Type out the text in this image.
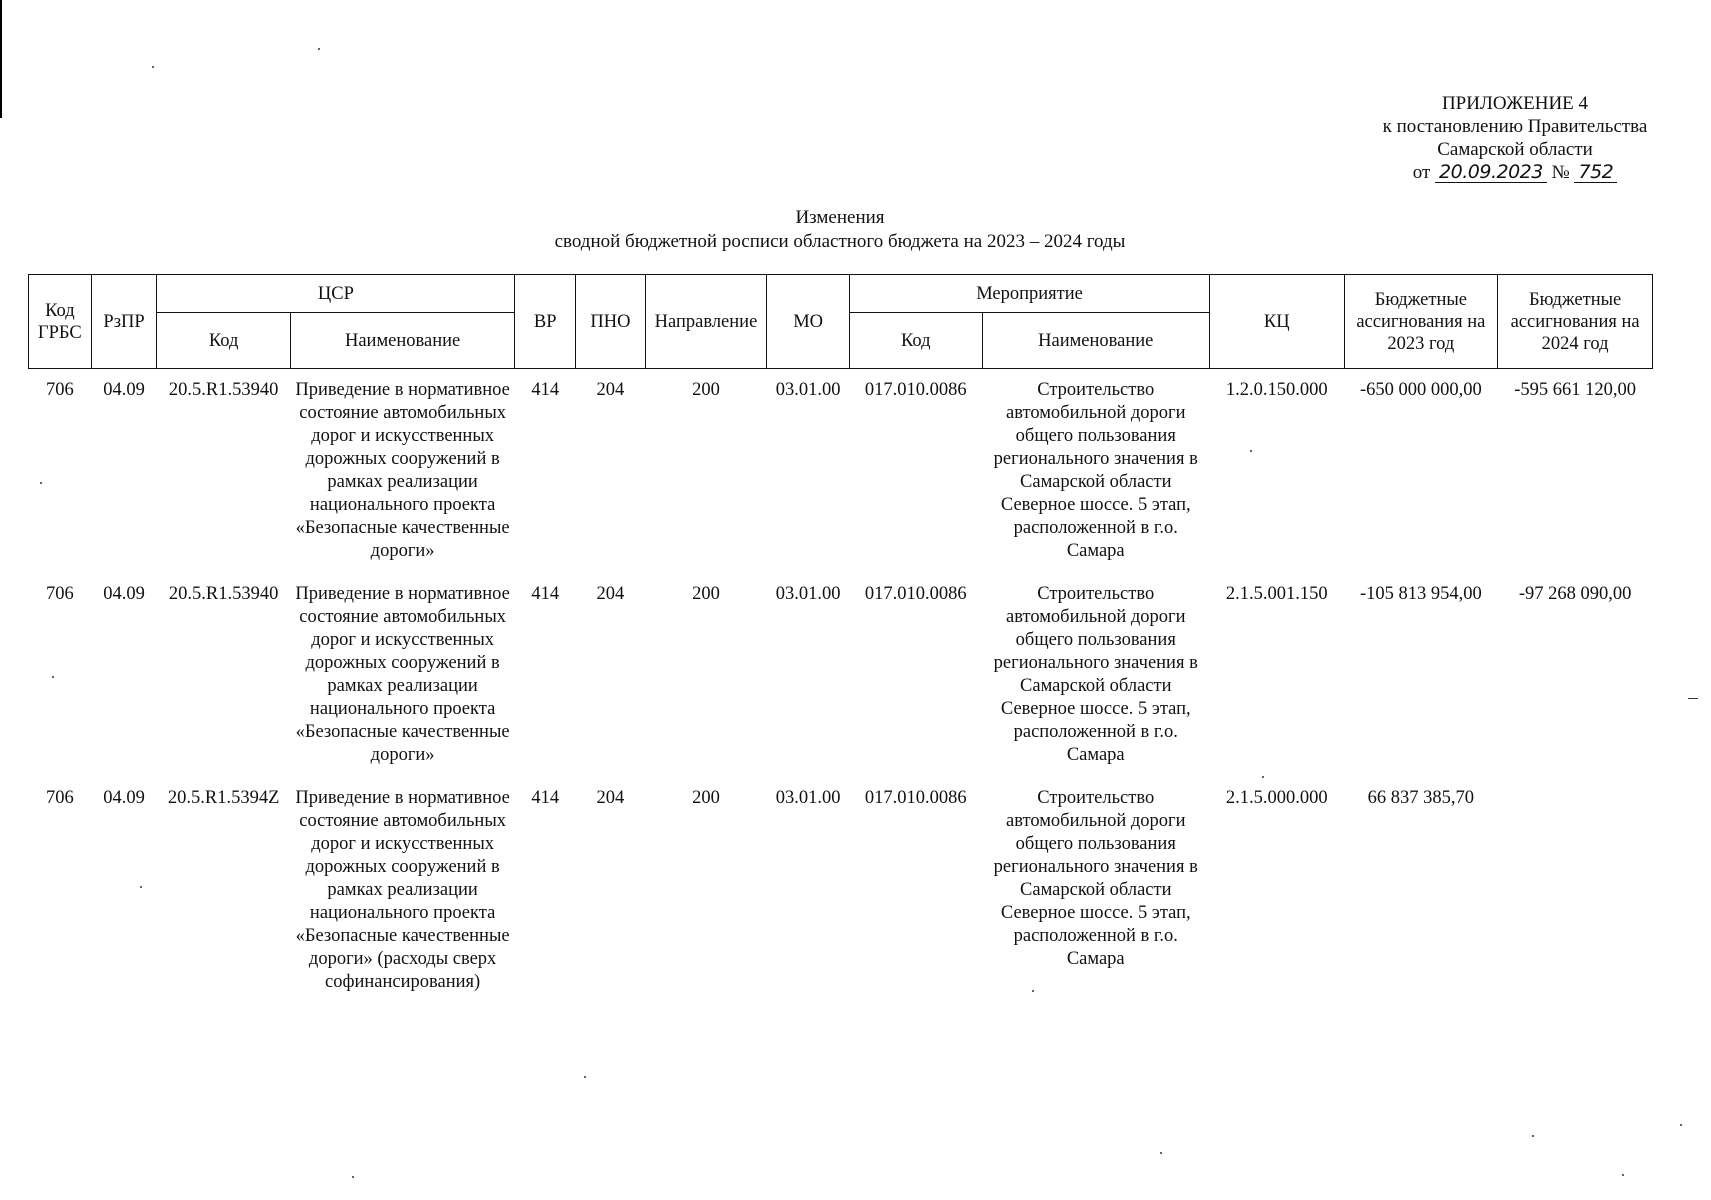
ПРИЛОЖЕНИЕ 4
к постановлению Правительства
Самарской области
от 20.09.2023 № 752
Изменения
сводной бюджетной росписи областного бюджета на 2023 – 2024 годы
Код ГРБС	РзПР	ЦСР		ВР	ПНО	Направление	МО	Мероприятие		КЦ	Бюджетные ассигнования на 2023 год	Бюджетные ассигнования на 2024 год
		Код	Наименование					Код	Наименование			
706	04.09	20.5.R1.53940	Приведение в нормативное состояние автомобильных дорог и искусственных дорожных сооружений в рамках реализации национального проекта «Безопасные качественные дороги»	414	204	200	03.01.00	017.010.0086	Строительство автомобильной дороги общего пользования регионального значения в Самарской области Северное шоссе. 5 этап, расположенной в г.о. Самара	1.2.0.150.000	-650 000 000,00	-595 661 120,00
706	04.09	20.5.R1.53940	Приведение в нормативное состояние автомобильных дорог и искусственных дорожных сооружений в рамках реализации национального проекта «Безопасные качественные дороги»	414	204	200	03.01.00	017.010.0086	Строительство автомобильной дороги общего пользования регионального значения в Самарской области Северное шоссе. 5 этап, расположенной в г.о. Самара	2.1.5.001.150	-105 813 954,00	-97 268 090,00
706	04.09	20.5.R1.5394Z	Приведение в нормативное состояние автомобильных дорог и искусственных дорожных сооружений в рамках реализации национального проекта «Безопасные качественные дороги» (расходы сверх софинансирования)	414	204	200	03.01.00	017.010.0086	Строительство автомобильной дороги общего пользования регионального значения в Самарской области Северное шоссе. 5 этап, расположенной в г.о. Самара	2.1.5.000.000	66 837 385,70	
